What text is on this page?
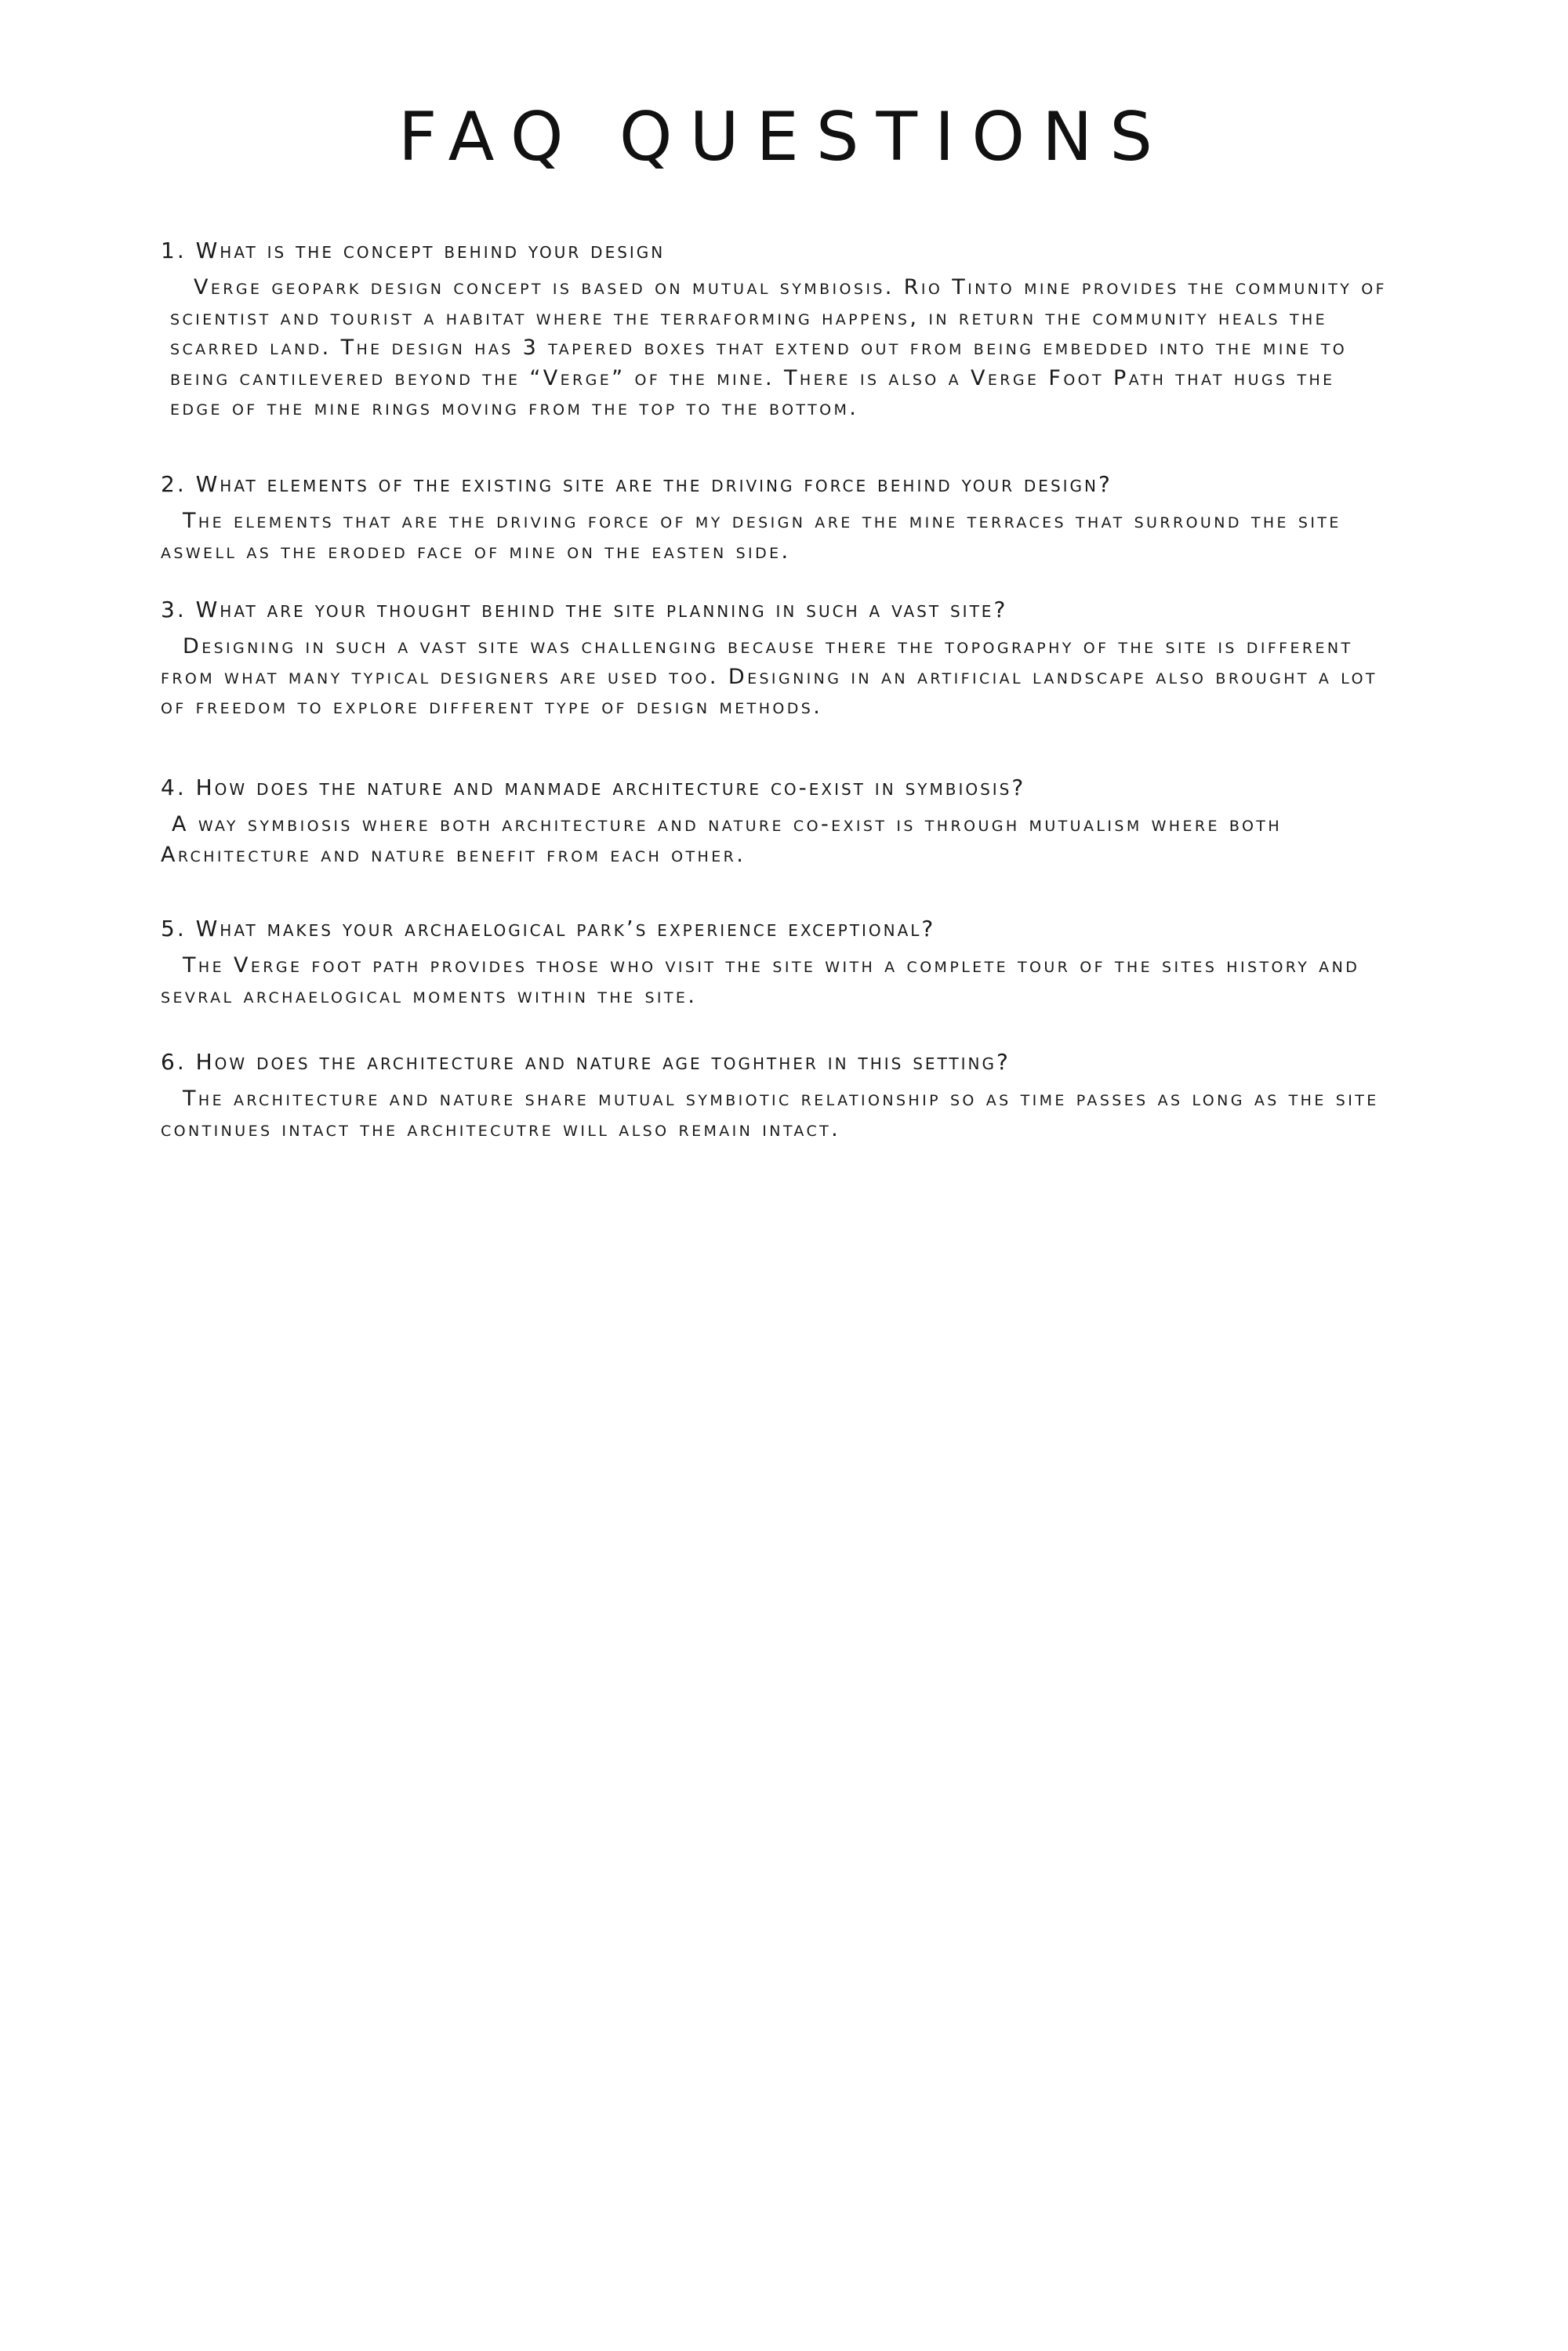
FAQ QUESTIONS

1. What is the concept behind your design

Verge geopark design concept is based on mutual symbiosis. Rio Tinto mine provides the community of scientist and tourist a habitat where the terraforming happens, in return the community heals the scarred land. The design has 3 tapered boxes that extend out from being embedded into the mine to being cantilevered beyond the “Verge” of the mine. There is also a Verge Foot Path that hugs the edge of the mine rings moving from the top to the bottom.

2. What elements of the existing site are the driving force behind your design?

The elements that are the driving force of my design are the mine terraces that surround the site aswell as the eroded face of mine on the easten side.

3. What are your thought behind the site planning in such a vast site?

Designing in such a vast site was challenging because there the topography of the site is different from what many typical designers are used too. Designing in an artificial landscape also brought a lot of freedom to explore different type of design methods.

4. How does the nature and manmade architecture co-exist in symbiosis?

A way symbiosis where both architecture and nature co-exist is through mutualism where both Architecture and nature benefit from each other.

5. What makes your archaelogical park’s experience exceptional?

The Verge foot path provides those who visit the site with a complete tour of the sites history and sevral archaelogical moments within the site.

6. How does the architecture and nature age toghther in this setting?

The architecture and nature share mutual symbiotic relationship so as time passes as long as the site continues intact the architecutre will also remain intact.
